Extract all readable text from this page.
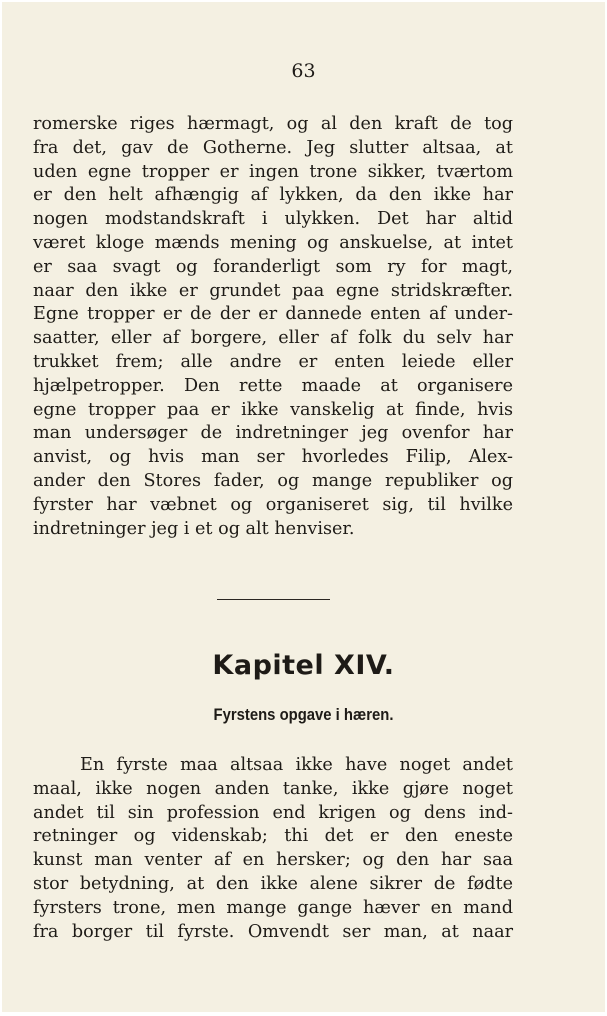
63
romerske riges hærmagt, og al den kraft de tog
fra det, gav de Gotherne. Jeg slutter altsaa, at
uden egne tropper er ingen trone sikker, tværtom
er den helt afhængig af lykken, da den ikke har
nogen modstandskraft i ulykken. Det har altid
været kloge mænds mening og anskuelse, at intet
er saa svagt og foranderligt som ry for magt,
naar den ikke er grundet paa egne stridskræfter.
Egne tropper er de der er dannede enten af under-
saatter, eller af borgere, eller af folk du selv har
trukket frem; alle andre er enten leiede eller
hjælpetropper. Den rette maade at organisere
egne tropper paa er ikke vanskelig at finde, hvis
man undersøger de indretninger jeg ovenfor har
anvist, og hvis man ser hvorledes Filip, Alex-
ander den Stores fader, og mange republiker og
fyrster har væbnet og organiseret sig, til hvilke
indretninger jeg i et og alt henviser.
Kapitel XIV.
Fyrstens opgave i hæren.
En fyrste maa altsaa ikke have noget andet
maal, ikke nogen anden tanke, ikke gjøre noget
andet til sin profession end krigen og dens ind-
retninger og videnskab; thi det er den eneste
kunst man venter af en hersker; og den har saa
stor betydning, at den ikke alene sikrer de fødte
fyrsters trone, men mange gange hæver en mand
fra borger til fyrste. Omvendt ser man, at naar
